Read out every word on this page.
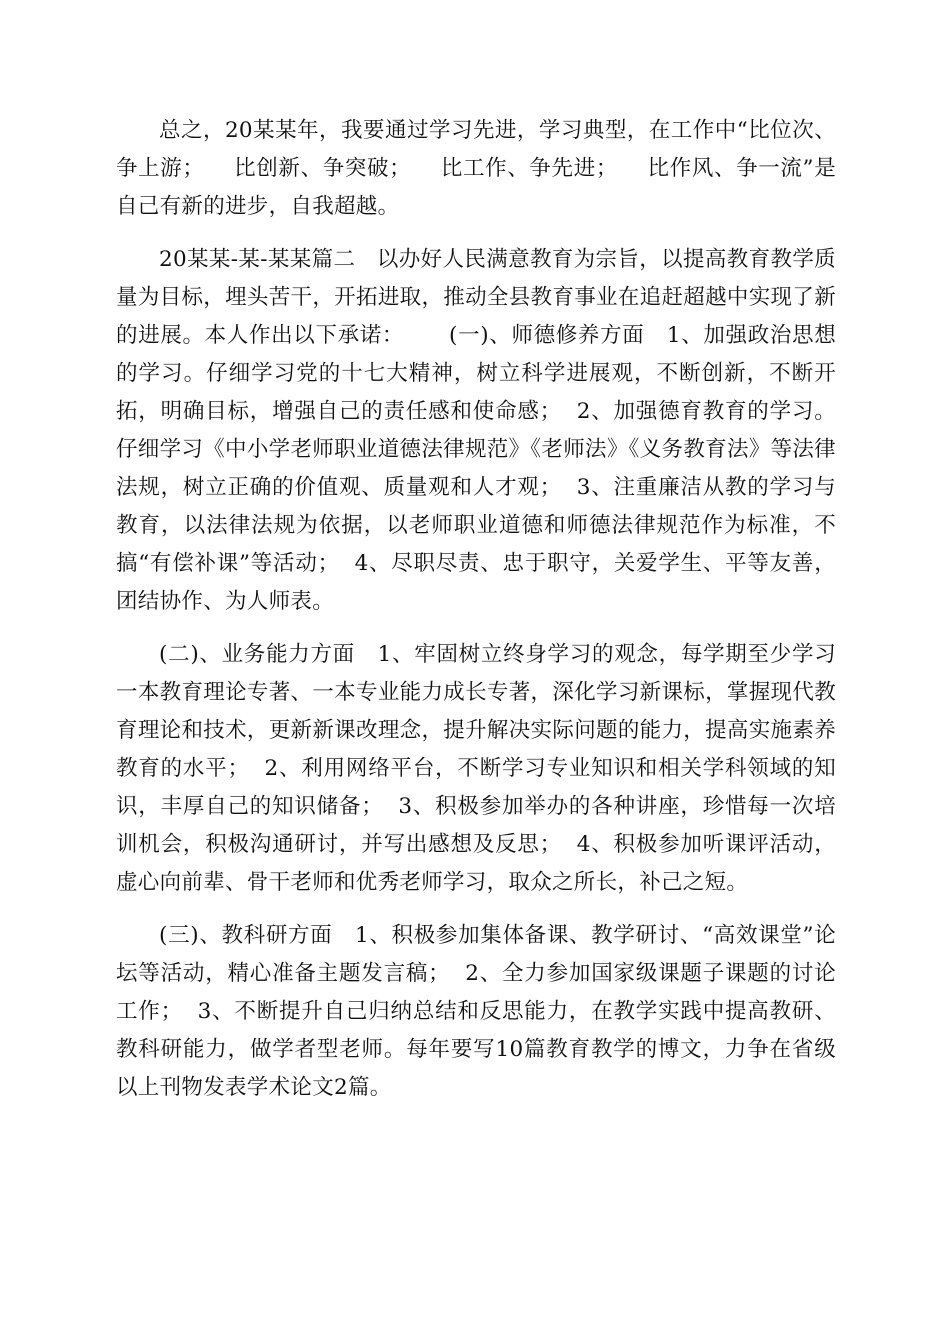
总之，20某某年，我要通过学习先进，学习典型，在工作中“比位次、争上游；    比创新、争突破；    比工作、争先进；    比作风、争一流”是自己有新的进步，自我超越。

20某某-某-某某篇二   以办好人民满意教育为宗旨，以提高教育教学质量为目标，埋头苦干，开拓进取，推动全县教育事业在追赶超越中实现了新的进展。本人作出以下承诺：      (一)、师德修养方面   1、加强政治思想的学习。仔细学习党的十七大精神，树立科学进展观，不断创新，不断开拓，明确目标，增强自己的责任感和使命感；  2、加强德育教育的学习。仔细学习《中小学老师职业道德法律规范》《老师法》《义务教育法》等法律法规，树立正确的价值观、质量观和人才观；  3、注重廉洁从教的学习与教育，以法律法规为依据，以老师职业道德和师德法律规范作为标准，不搞“有偿补课”等活动；  4、尽职尽责、忠于职守，关爱学生、平等友善，团结协作、为人师表。

(二)、业务能力方面   1、牢固树立终身学习的观念，每学期至少学习一本教育理论专著、一本专业能力成长专著，深化学习新课标，掌握现代教育理论和技术，更新新课改理念，提升解决实际问题的能力，提高实施素养教育的水平；  2、利用网络平台，不断学习专业知识和相关学科领域的知识，丰厚自己的知识储备；  3、积极参加举办的各种讲座，珍惜每一次培训机会，积极沟通研讨，并写出感想及反思；  4、积极参加听课评活动，虚心向前辈、骨干老师和优秀老师学习，取众之所长，补己之短。

(三)、教科研方面   1、积极参加集体备课、教学研讨、“高效课堂”论坛等活动，精心准备主题发言稿；  2、全力参加国家级课题子课题的讨论工作；  3、不断提升自己归纳总结和反思能力，在教学实践中提高教研、教科研能力，做学者型老师。每年要写10篇教育教学的博文，力争在省级以上刊物发表学术论文2篇。
